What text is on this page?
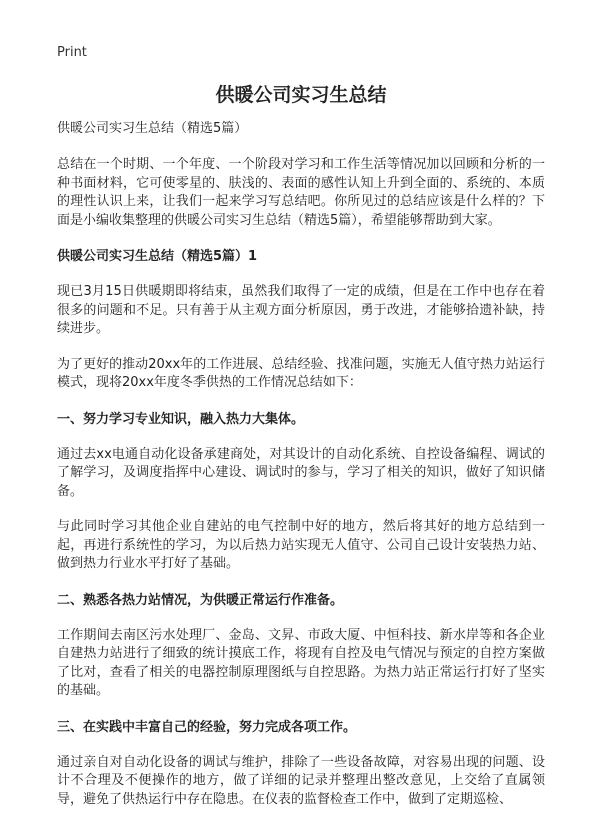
Print
供暖公司实习生总结

供暖公司实习生总结（精选5篇）

总结在一个时期、一个年度、一个阶段对学习和工作生活等情况加以回顾和分析的一种书面材料，它可使零星的、肤浅的、表面的感性认知上升到全面的、系统的、本质的理性认识上来，让我们一起来学习写总结吧。你所见过的总结应该是什么样的？下面是小编收集整理的供暖公司实习生总结（精选5篇），希望能够帮助到大家。

供暖公司实习生总结（精选5篇）1

现已3月15日供暖期即将结束，虽然我们取得了一定的成绩，但是在工作中也存在着很多的问题和不足。只有善于从主观方面分析原因，勇于改进，才能够拾遗补缺，持续进步。

为了更好的推动20xx年的工作进展、总结经验、找准问题，实施无人值守热力站运行模式，现将20xx年度冬季供热的工作情况总结如下：

一、努力学习专业知识，融入热力大集体。

通过去xx电通自动化设备承建商处，对其设计的自动化系统、自控设备编程、调试的了解学习，及调度指挥中心建设、调试时的参与，学习了相关的知识，做好了知识储备。

与此同时学习其他企业自建站的电气控制中好的地方，然后将其好的地方总结到一起，再进行系统性的学习，为以后热力站实现无人值守、公司自己设计安装热力站、做到热力行业水平打好了基础。

二、熟悉各热力站情况，为供暖正常运行作准备。

工作期间去南区污水处理厂、金岛、文昇、市政大厦、中恒科技、新水岸等和各企业自建热力站进行了细致的统计摸底工作，将现有自控及电气情况与预定的自控方案做了比对，查看了相关的电器控制原理图纸与自控思路。为热力站正常运行打好了坚实的基础。

三、在实践中丰富自己的经验，努力完成各项工作。

通过亲自对自动化设备的调试与维护，排除了一些设备故障，对容易出现的问题、设计不合理及不便操作的地方，做了详细的记录并整理出整改意见，上交给了直属领导，避免了供热运行中存在隐患。在仪表的监督检查工作中，做到了定期巡检、
